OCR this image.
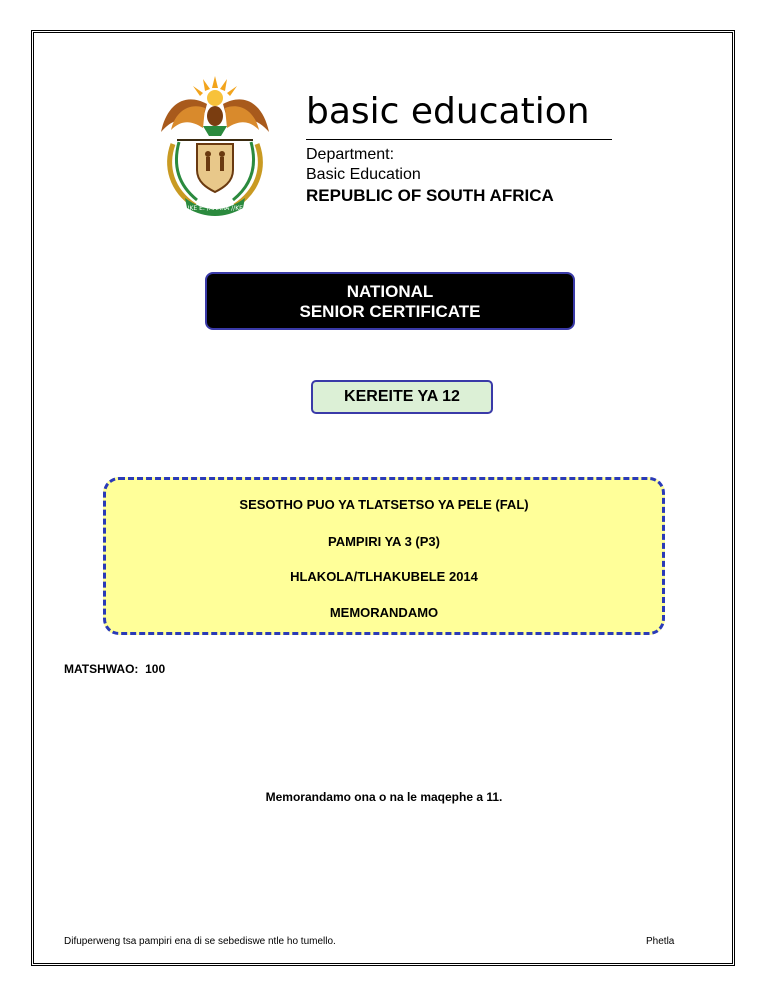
!KE E: /XARRA //KE
basic education
Department:
Basic Education
REPUBLIC OF SOUTH AFRICA
NATIONAL
SENIOR CERTIFICATE
KEREITE YA 12
SESOTHO PUO YA TLATSETSO YA PELE (FAL)
PAMPIRI YA 3 (P3)
HLAKOLA/TLHAKUBELE 2014
MEMORANDAMO
MATSHWAO:  100
Memorandamo ona o na le maqephe a 11.
Difuperweng tsa pampiri ena di se sebediswe ntle ho tumello.	Phetla
